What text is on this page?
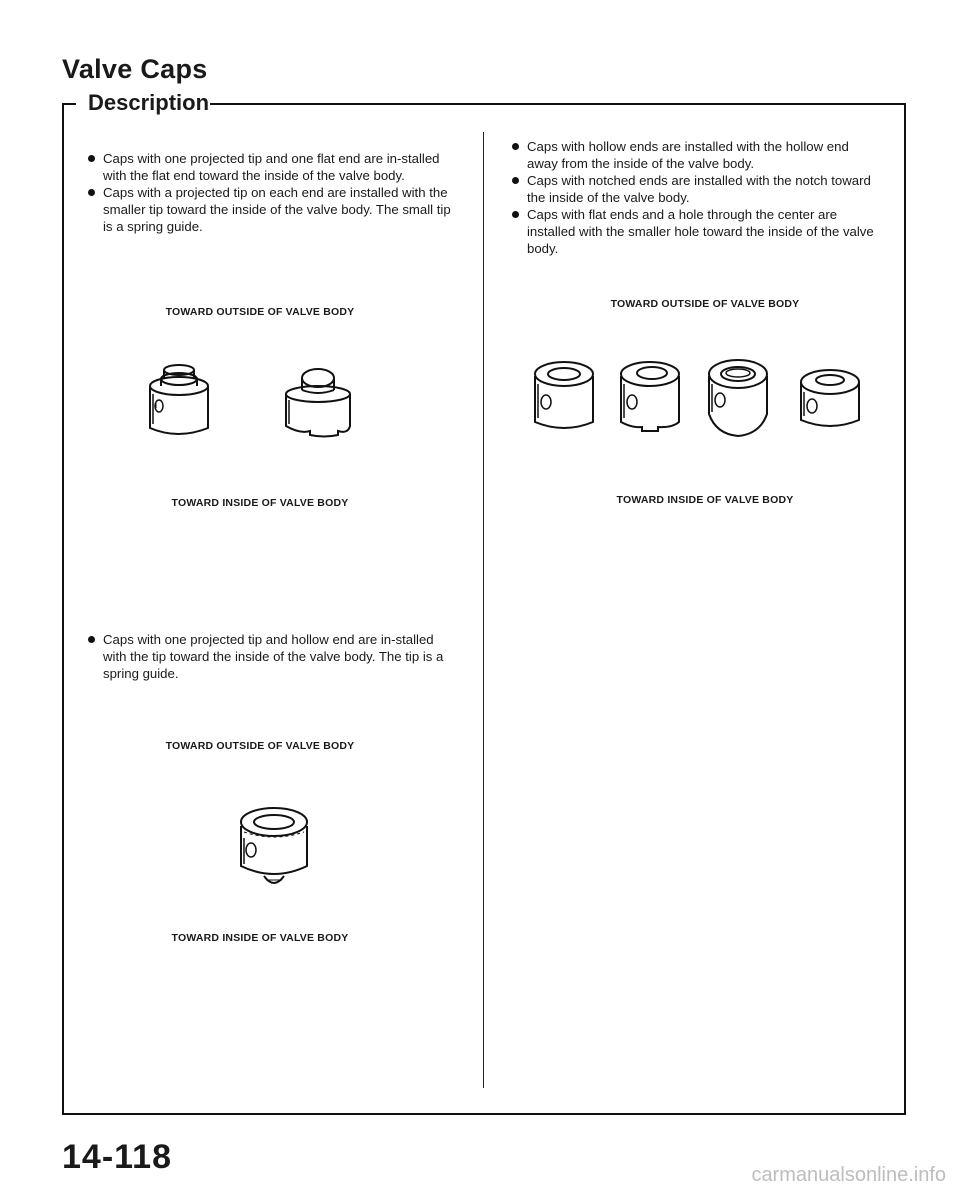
Valve Caps
Description
Caps with one projected tip and one flat end are in-stalled with the flat end toward the inside of the valve body.
Caps with a projected tip on each end are installed with the smaller tip toward the inside of the valve body. The small tip is a spring guide.
TOWARD OUTSIDE OF VALVE BODY
TOWARD INSIDE OF VALVE BODY
Caps with one projected tip and hollow end are in-stalled with the tip toward the inside of the valve body. The tip is a spring guide.
TOWARD OUTSIDE OF VALVE BODY
TOWARD INSIDE OF VALVE BODY
Caps with hollow ends are installed with the hollow end away from the inside of the valve body.
Caps with notched ends are installed with the notch toward the inside of the valve body.
Caps with flat ends and a hole through the center are installed with the smaller hole toward the inside of the valve body.
TOWARD OUTSIDE OF VALVE BODY
TOWARD INSIDE OF VALVE BODY
14-118	carmanualsonline.info
